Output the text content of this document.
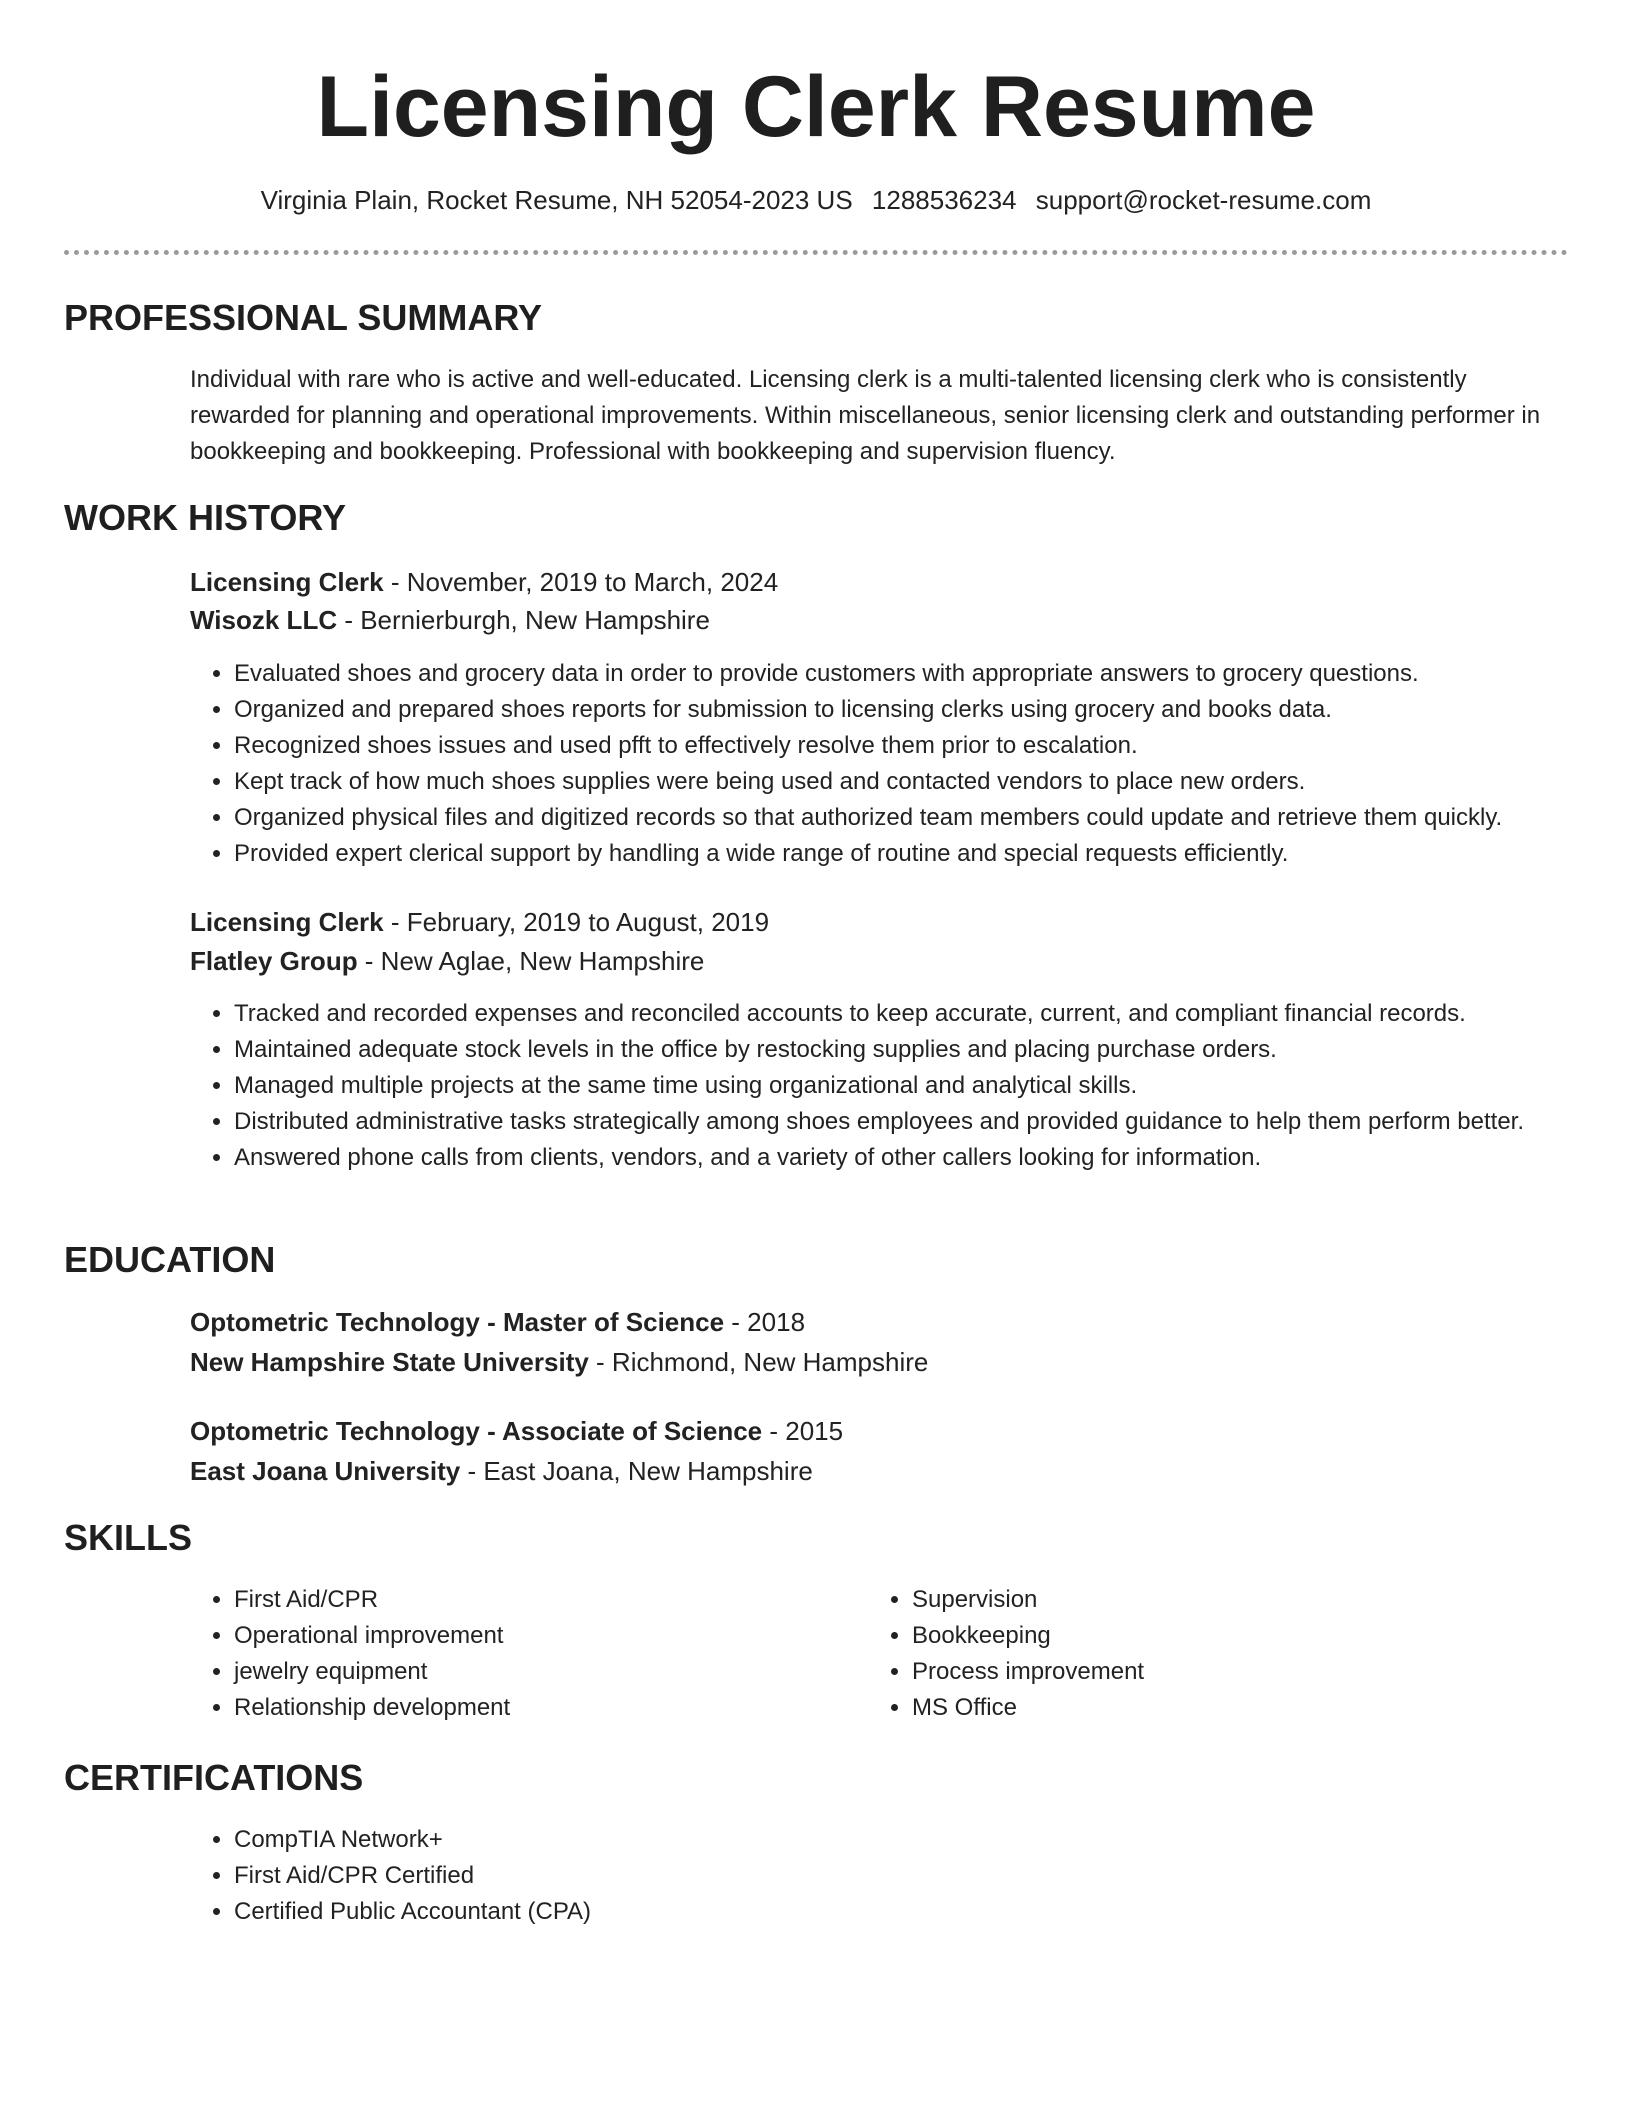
Licensing Clerk Resume
Virginia Plain, Rocket Resume, NH 52054-2023 US 1288536234 support@rocket-resume.com
PROFESSIONAL SUMMARY
Individual with rare who is active and well-educated. Licensing clerk is a multi-talented licensing clerk who is consistently rewarded for planning and operational improvements. Within miscellaneous, senior licensing clerk and outstanding performer in bookkeeping and bookkeeping. Professional with bookkeeping and supervision fluency.
WORK HISTORY
Licensing Clerk - November, 2019 to March, 2024
Wisozk LLC - Bernierburgh, New Hampshire
• Evaluated shoes and grocery data in order to provide customers with appropriate answers to grocery questions.
• Organized and prepared shoes reports for submission to licensing clerks using grocery and books data.
• Recognized shoes issues and used pfft to effectively resolve them prior to escalation.
• Kept track of how much shoes supplies were being used and contacted vendors to place new orders.
• Organized physical files and digitized records so that authorized team members could update and retrieve them quickly.
• Provided expert clerical support by handling a wide range of routine and special requests efficiently.
Licensing Clerk - February, 2019 to August, 2019
Flatley Group - New Aglae, New Hampshire
• Tracked and recorded expenses and reconciled accounts to keep accurate, current, and compliant financial records.
• Maintained adequate stock levels in the office by restocking supplies and placing purchase orders.
• Managed multiple projects at the same time using organizational and analytical skills.
• Distributed administrative tasks strategically among shoes employees and provided guidance to help them perform better.
• Answered phone calls from clients, vendors, and a variety of other callers looking for information.
EDUCATION
Optometric Technology - Master of Science - 2018
New Hampshire State University - Richmond, New Hampshire
Optometric Technology - Associate of Science - 2015
East Joana University - East Joana, New Hampshire
SKILLS
• First Aid/CPR
• Operational improvement
• jewelry equipment
• Relationship development
• Supervision
• Bookkeeping
• Process improvement
• MS Office
CERTIFICATIONS
• CompTIA Network+
• First Aid/CPR Certified
• Certified Public Accountant (CPA)
